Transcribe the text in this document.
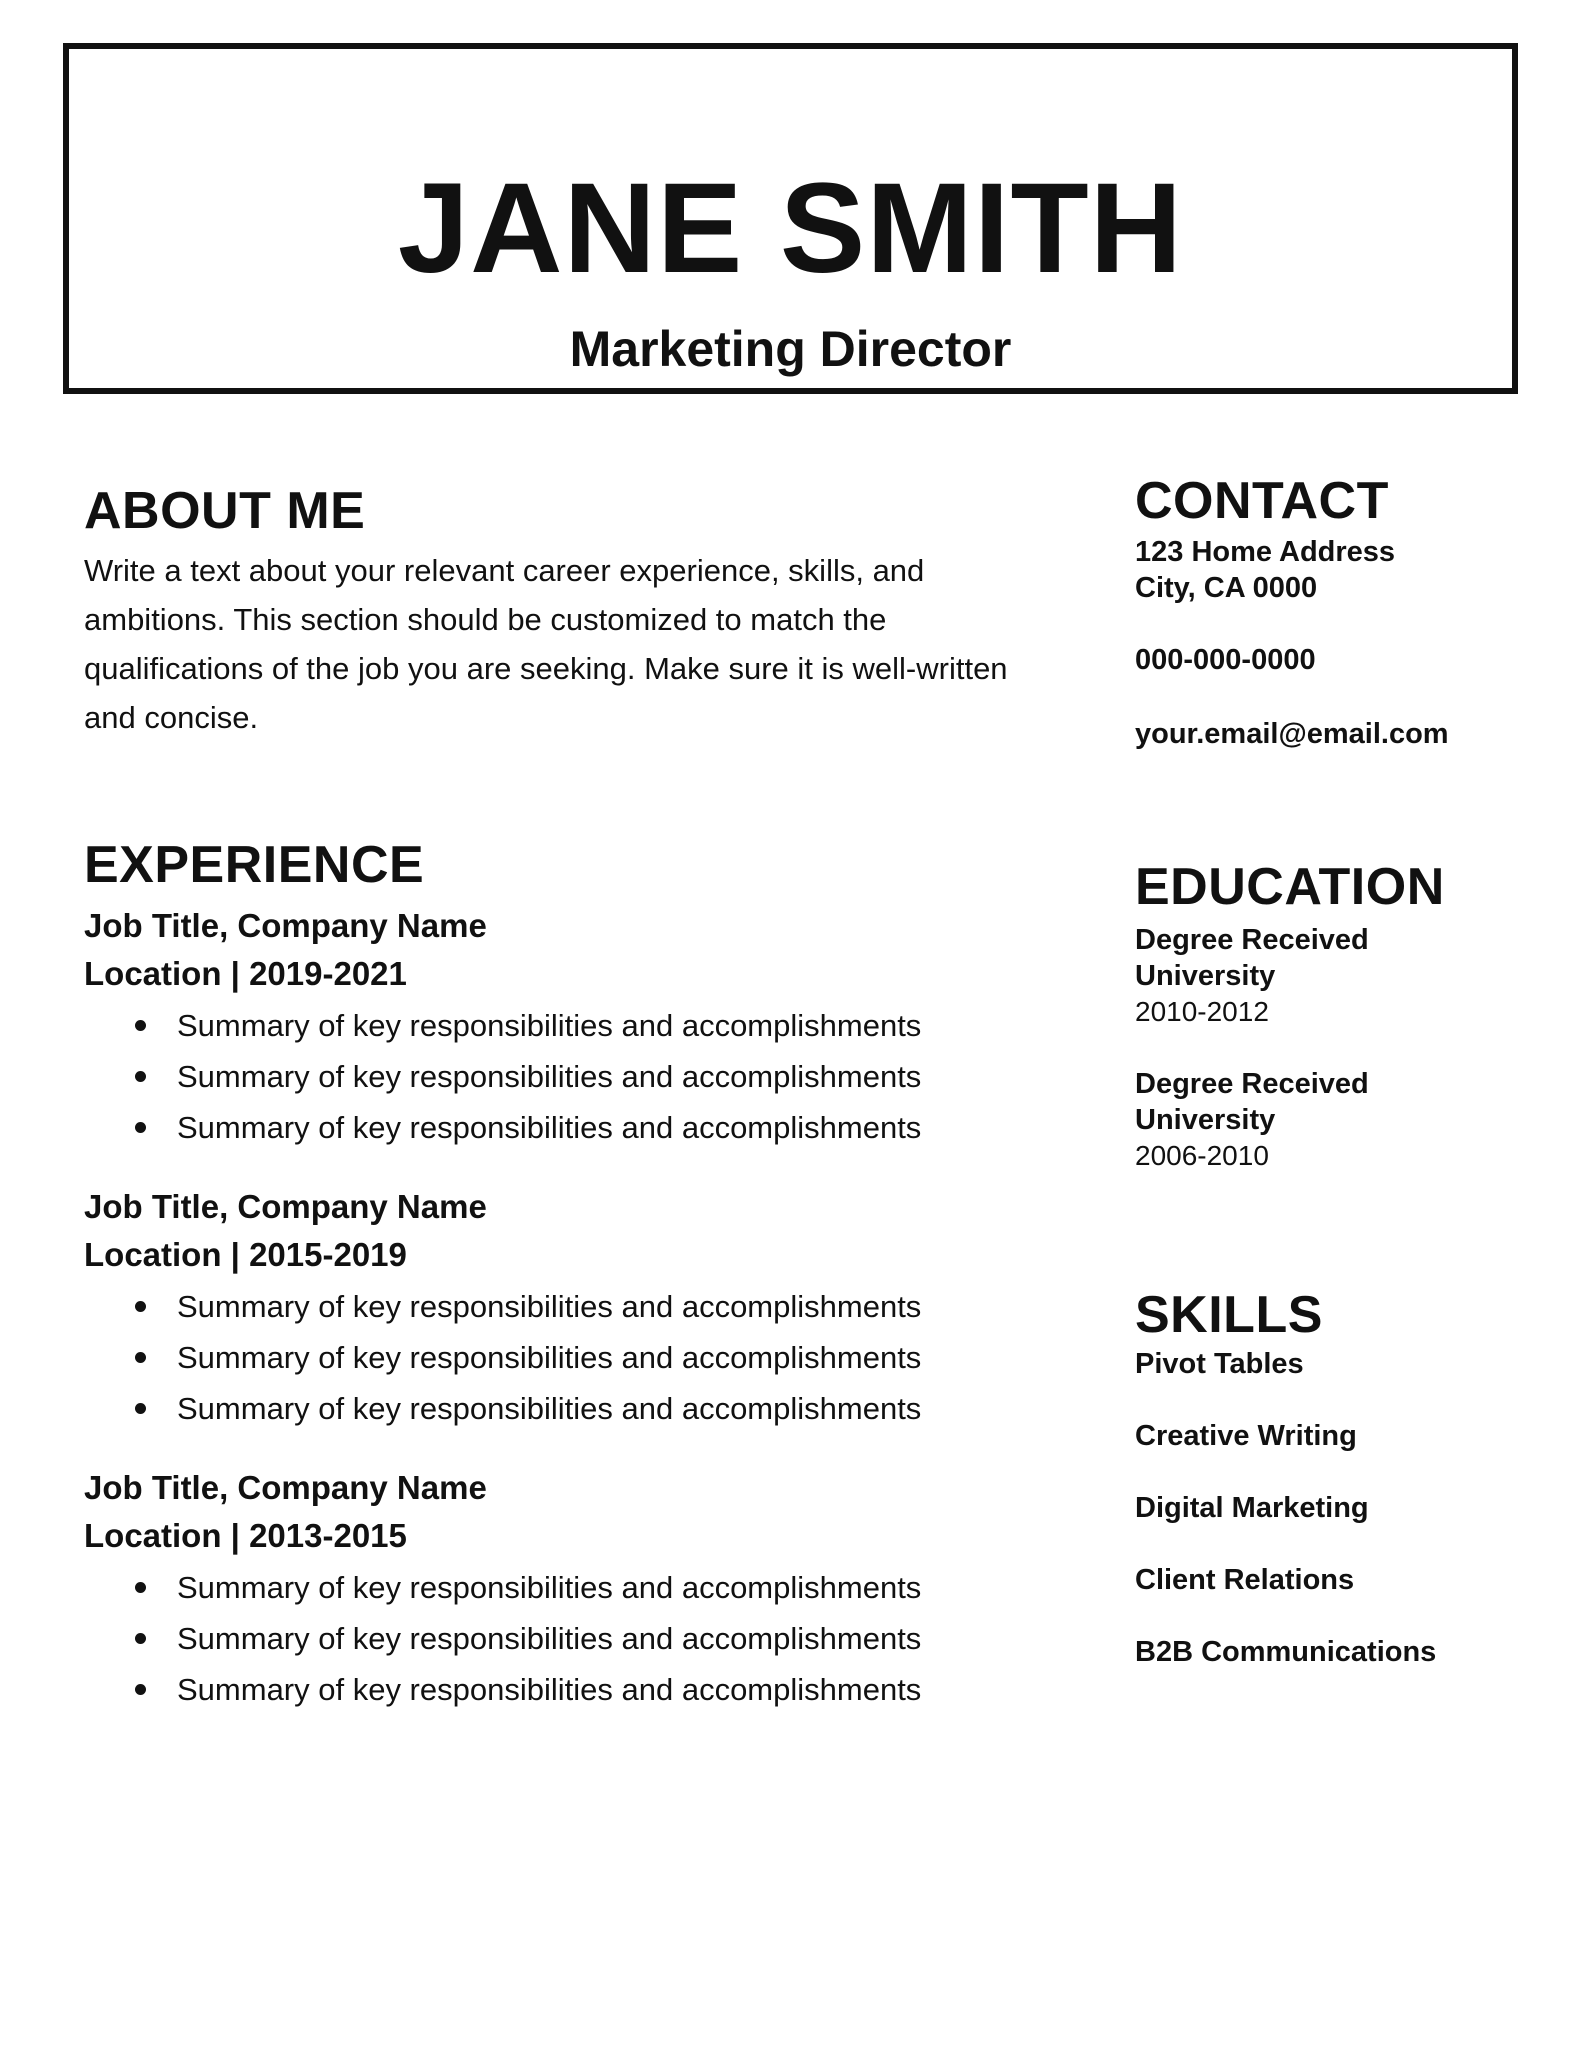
JANE SMITH
Marketing Director
ABOUT ME

Write a text about your relevant career experience, skills, and ambitions. This section should be customized to match the qualifications of the job you are seeking. Make sure it is well-written and concise.

EXPERIENCE
Job Title, Company Name
Location | 2019-2021
Summary of key responsibilities and accomplishments
Summary of key responsibilities and accomplishments
Summary of key responsibilities and accomplishments
Job Title, Company Name
Location | 2015-2019
Summary of key responsibilities and accomplishments
Summary of key responsibilities and accomplishments
Summary of key responsibilities and accomplishments
Job Title, Company Name
Location | 2013-2015
Summary of key responsibilities and accomplishments
Summary of key responsibilities and accomplishments
Summary of key responsibilities and accomplishments
CONTACT

123 Home Address

City, CA 0000

000-000-0000

your.email@email.com

EDUCATION

Degree Received

University

2010-2012

Degree Received

University

2006-2010

SKILLS
Pivot Tables
Creative Writing
Digital Marketing
Client Relations
B2B Communications
